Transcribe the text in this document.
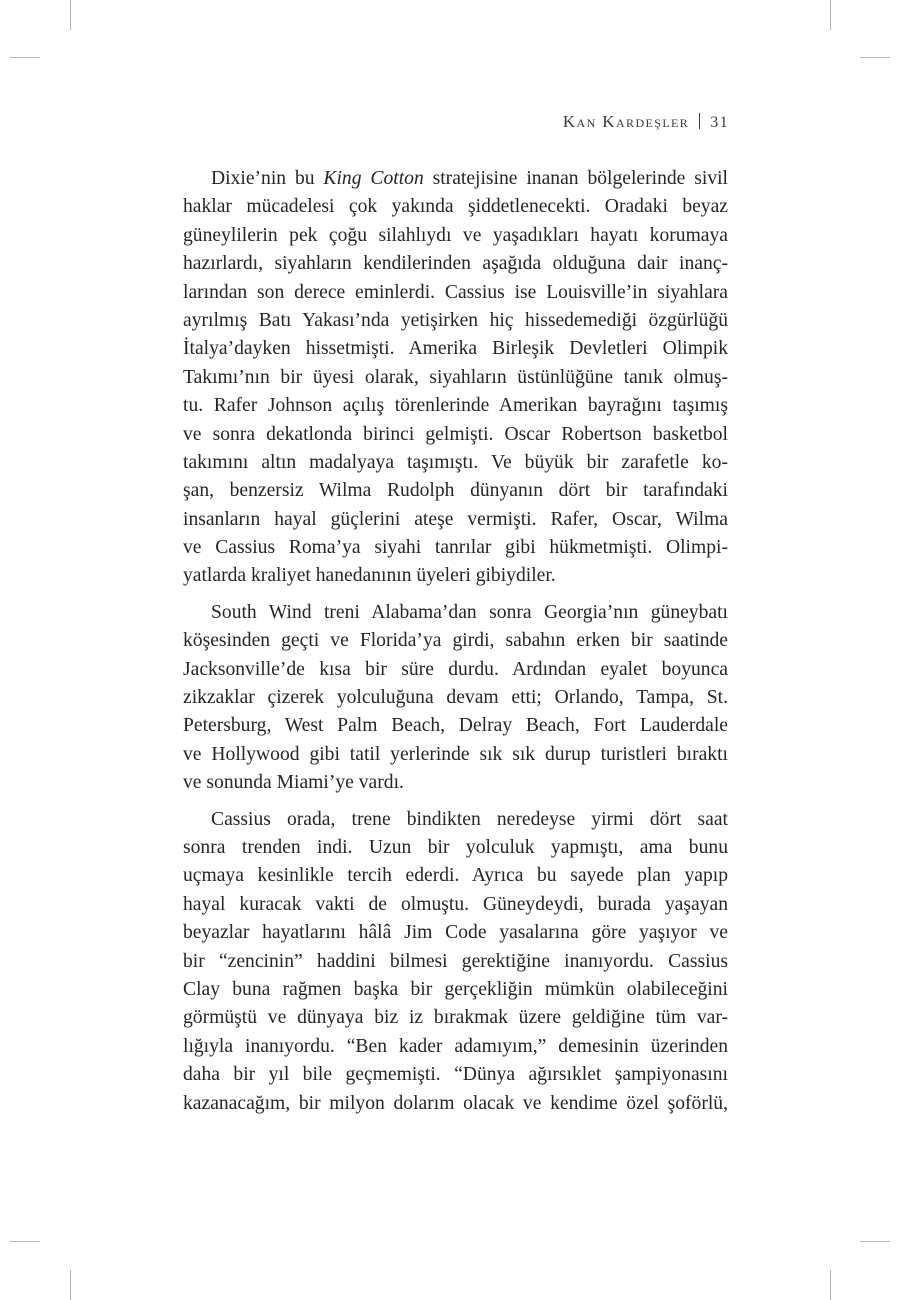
Kan Kardeşler 31
Dixie’nin bu King Cotton stratejisine inanan bölgelerinde sivil
haklar mücadelesi çok yakında şiddetlenecekti. Oradaki beyaz
güneylilerin pek çoğu silahlıydı ve yaşadıkları hayatı korumaya
hazırlardı, siyahların kendilerinden aşağıda olduğuna dair inanç-
larından son derece eminlerdi. Cassius ise Louisville’in siyahlara
ayrılmış Batı Yakası’nda yetişirken hiç hissedemediği özgürlüğü
İtalya’dayken hissetmişti. Amerika Birleşik Devletleri Olimpik
Takımı’nın bir üyesi olarak, siyahların üstünlüğüne tanık olmuş-
tu. Rafer Johnson açılış törenlerinde Amerikan bayrağını taşımış
ve sonra dekatlonda birinci gelmişti. Oscar Robertson basketbol
takımını altın madalyaya taşımıştı. Ve büyük bir zarafetle ko-
şan, benzersiz Wilma Rudolph dünyanın dört bir tarafındaki
insanların hayal güçlerini ateşe vermişti. Rafer, Oscar, Wilma
ve Cassius Roma’ya siyahi tanrılar gibi hükmetmişti. Olimpi-
yatlarda kraliyet hanedanının üyeleri gibiydiler.
South Wind treni Alabama’dan sonra Georgia’nın güneybatı
köşesinden geçti ve Florida’ya girdi, sabahın erken bir saatinde
Jacksonville’de kısa bir süre durdu. Ardından eyalet boyunca
zikzaklar çizerek yolculuğuna devam etti; Orlando, Tampa, St.
Petersburg, West Palm Beach, Delray Beach, Fort Lauderdale
ve Hollywood gibi tatil yerlerinde sık sık durup turistleri bıraktı
ve sonunda Miami’ye vardı.
Cassius orada, trene bindikten neredeyse yirmi dört saat
sonra trenden indi. Uzun bir yolculuk yapmıştı, ama bunu
uçmaya kesinlikle tercih ederdi. Ayrıca bu sayede plan yapıp
hayal kuracak vakti de olmuştu. Güneydeydi, burada yaşayan
beyazlar hayatlarını hâlâ Jim Code yasalarına göre yaşıyor ve
bir “zencinin” haddini bilmesi gerektiğine inanıyordu. Cassius
Clay buna rağmen başka bir gerçekliğin mümkün olabileceğini
görmüştü ve dünyaya biz iz bırakmak üzere geldiğine tüm var-
lığıyla inanıyordu. “Ben kader adamıyım,” demesinin üzerinden
daha bir yıl bile geçmemişti. “Dünya ağırsıklet şampiyonasını
kazanacağım, bir milyon dolarım olacak ve kendime özel şoförlü,
